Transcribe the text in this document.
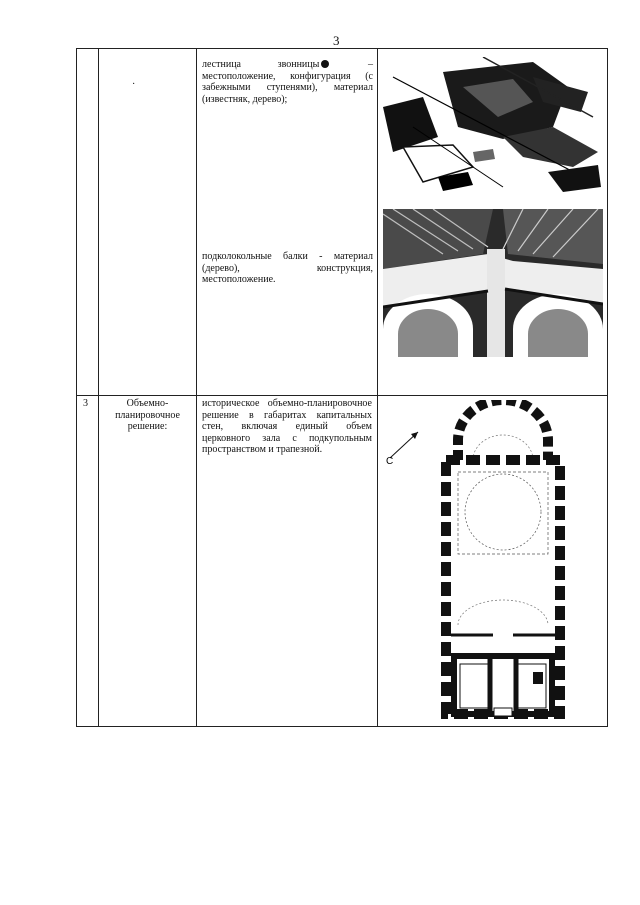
3

	·	лестница звонницы – местоположение, конфигурация (с забежными ступенями), материал (известняк, дерево);
подколокольные балки - материал (дерево), конструкция, местоположение.

3	Объемно-планировочное решение:	историческое объемно-планировочное решение в габаритах капитальных стен, включая единый объем церковного зала с подкупольным пространством и трапезной.	С
